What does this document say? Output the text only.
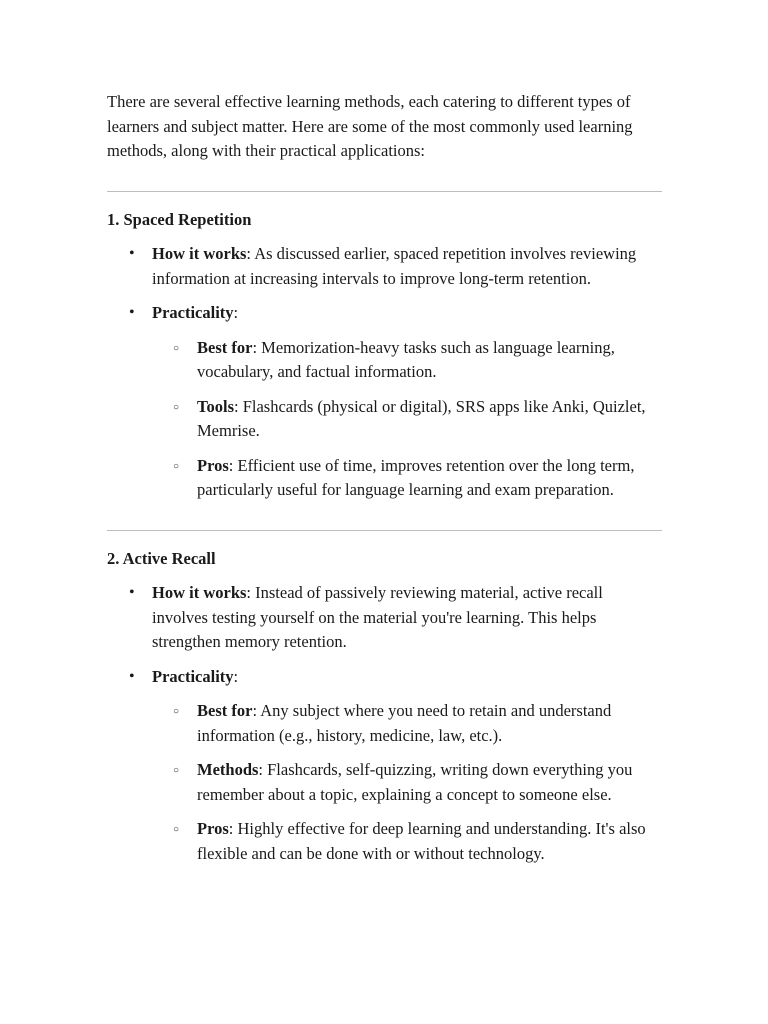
There are several effective learning methods, each catering to different types of learners and subject matter. Here are some of the most commonly used learning methods, along with their practical applications:

1. Spaced Repetition

• How it works: As discussed earlier, spaced repetition involves reviewing information at increasing intervals to improve long-term retention.
• Practicality:
○ Best for: Memorization-heavy tasks such as language learning, vocabulary, and factual information.
○ Tools: Flashcards (physical or digital), SRS apps like Anki, Quizlet, Memrise.
○ Pros: Efficient use of time, improves retention over the long term, particularly useful for language learning and exam preparation.

2. Active Recall

• How it works: Instead of passively reviewing material, active recall involves testing yourself on the material you're learning. This helps strengthen memory retention.
• Practicality:
○ Best for: Any subject where you need to retain and understand information (e.g., history, medicine, law, etc.).
○ Methods: Flashcards, self-quizzing, writing down everything you remember about a topic, explaining a concept to someone else.
○ Pros: Highly effective for deep learning and understanding. It's also flexible and can be done with or without technology.
